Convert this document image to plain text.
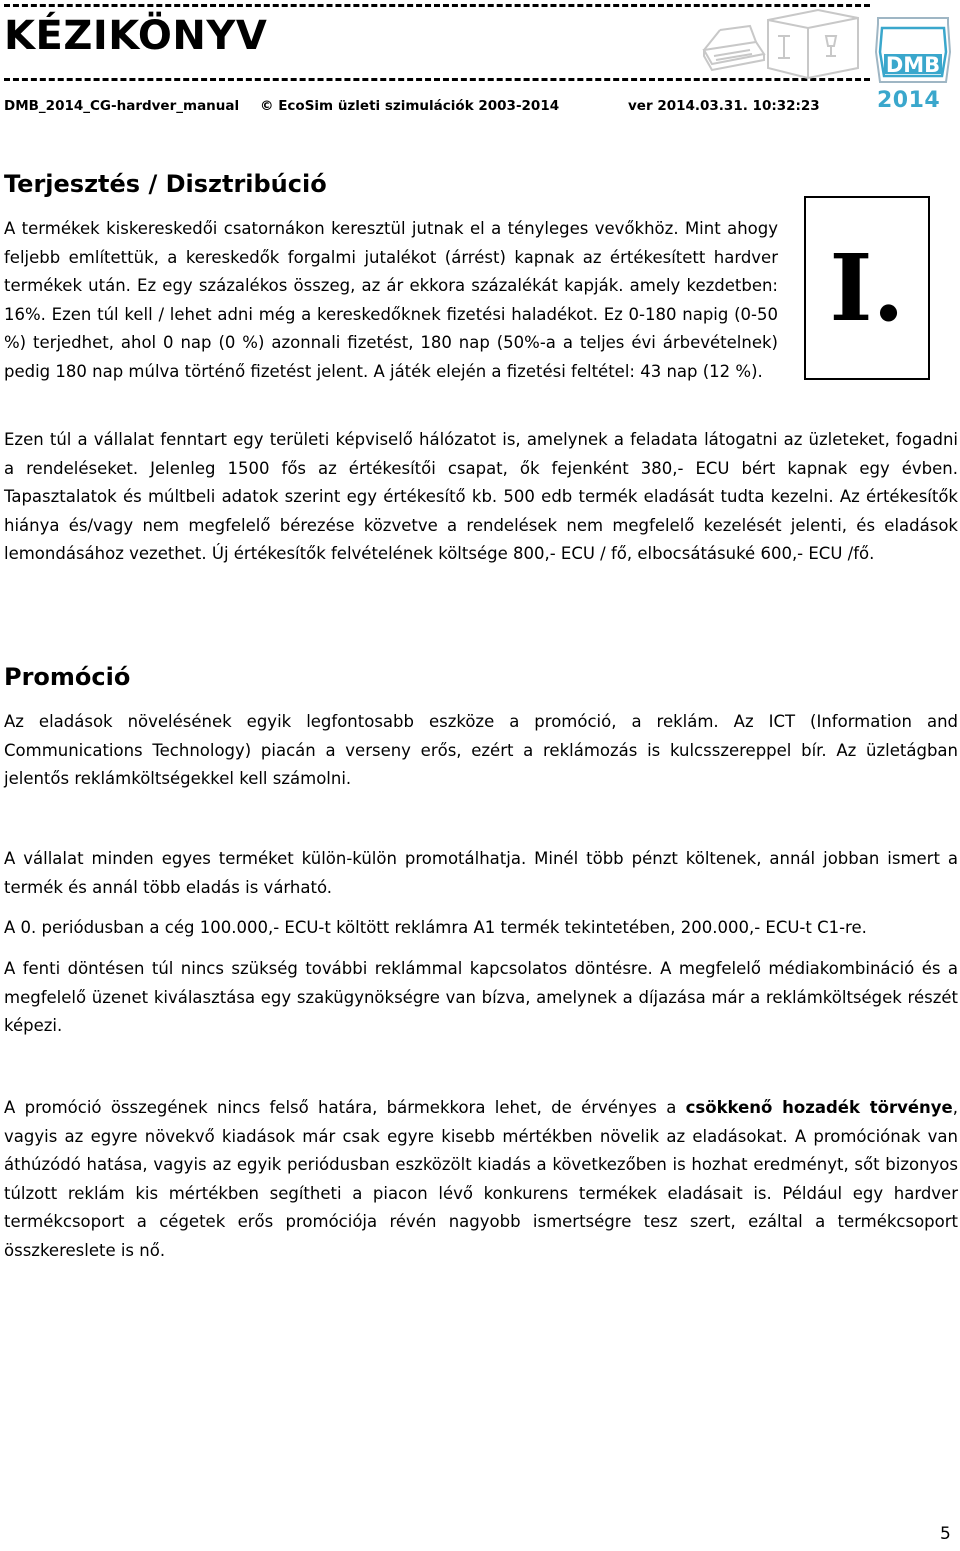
KÉZIKÖNYV
DMB_2014_CG-hardver_manual © EcoSim üzleti szimulációk 2003-2014	ver 2014.03.31. 10:32:23
DMB
2014
Terjesztés / Disztribúció

A termékek kiskereskedői csatornákon keresztül jutnak el a tényleges vevőkhöz. Mint ahogy feljebb említettük, a kereskedők forgalmi jutalékot (árrést) kapnak az értékesített hardver termékek után. Ez egy százalékos összeg, az ár ekkora százalékát kapják. amely kezdetben: 16%. Ezen túl kell / lehet adni még a kereskedőknek fizetési haladékot. Ez 0-180 napig (0-50 %) terjedhet, ahol 0 nap (0 %) azonnali fizetést, 180 nap (50%-a a teljes évi árbevételnek) pedig 180 nap múlva történő fizetést jelent. A játék elején a fizetési feltétel: 43 nap (12 %).

I.

Ezen túl a vállalat fenntart egy területi képviselő hálózatot is, amelynek a feladata látogatni az üzleteket, fogadni a rendeléseket. Jelenleg 1500 fős az értékesítői csapat, ők fejenként 380,- ECU bért kapnak egy évben. Tapasztalatok és múltbeli adatok szerint egy értékesítő kb. 500 edb termék eladását tudta kezelni. Az értékesítők hiánya és/vagy nem megfelelő bérezése közvetve a rendelések nem megfelelő kezelését jelenti, és eladások lemondásához vezethet. Új értékesítők felvételének költsége 800,- ECU / fő, elbocsátásuké 600,- ECU /fő.

Promóció

Az eladások növelésének egyik legfontosabb eszköze a promóció, a reklám. Az ICT (Information and Communications Technology) piacán a verseny erős, ezért a reklámozás is kulcsszereppel bír. Az üzletágban jelentős reklámköltségekkel kell számolni.

A vállalat minden egyes terméket külön-külön promotálhatja. Minél több pénzt költenek, annál jobban ismert a termék és annál több eladás is várható.

A 0. periódusban a cég 100.000,- ECU-t költött reklámra A1 termék tekintetében, 200.000,- ECU-t C1-re.

A fenti döntésen túl nincs szükség további reklámmal kapcsolatos döntésre. A megfelelő médiakombináció és a megfelelő üzenet kiválasztása egy szakügynökségre van bízva, amelynek a díjazása már a reklámköltségek részét képezi.

A promóció összegének nincs felső határa, bármekkora lehet, de érvényes a csökkenő hozadék törvénye, vagyis az egyre növekvő kiadások már csak egyre kisebb mértékben növelik az eladásokat. A promóciónak van áthúzódó hatása, vagyis az egyik periódusban eszközölt kiadás a következőben is hozhat eredményt, sőt bizonyos túlzott reklám kis mértékben segítheti a piacon lévő konkurens termékek eladásait is. Például egy hardver termékcsoport a cégetek erős promóciója révén nagyobb ismertségre tesz szert, ezáltal a termékcsoport összkereslete is nő.

5
